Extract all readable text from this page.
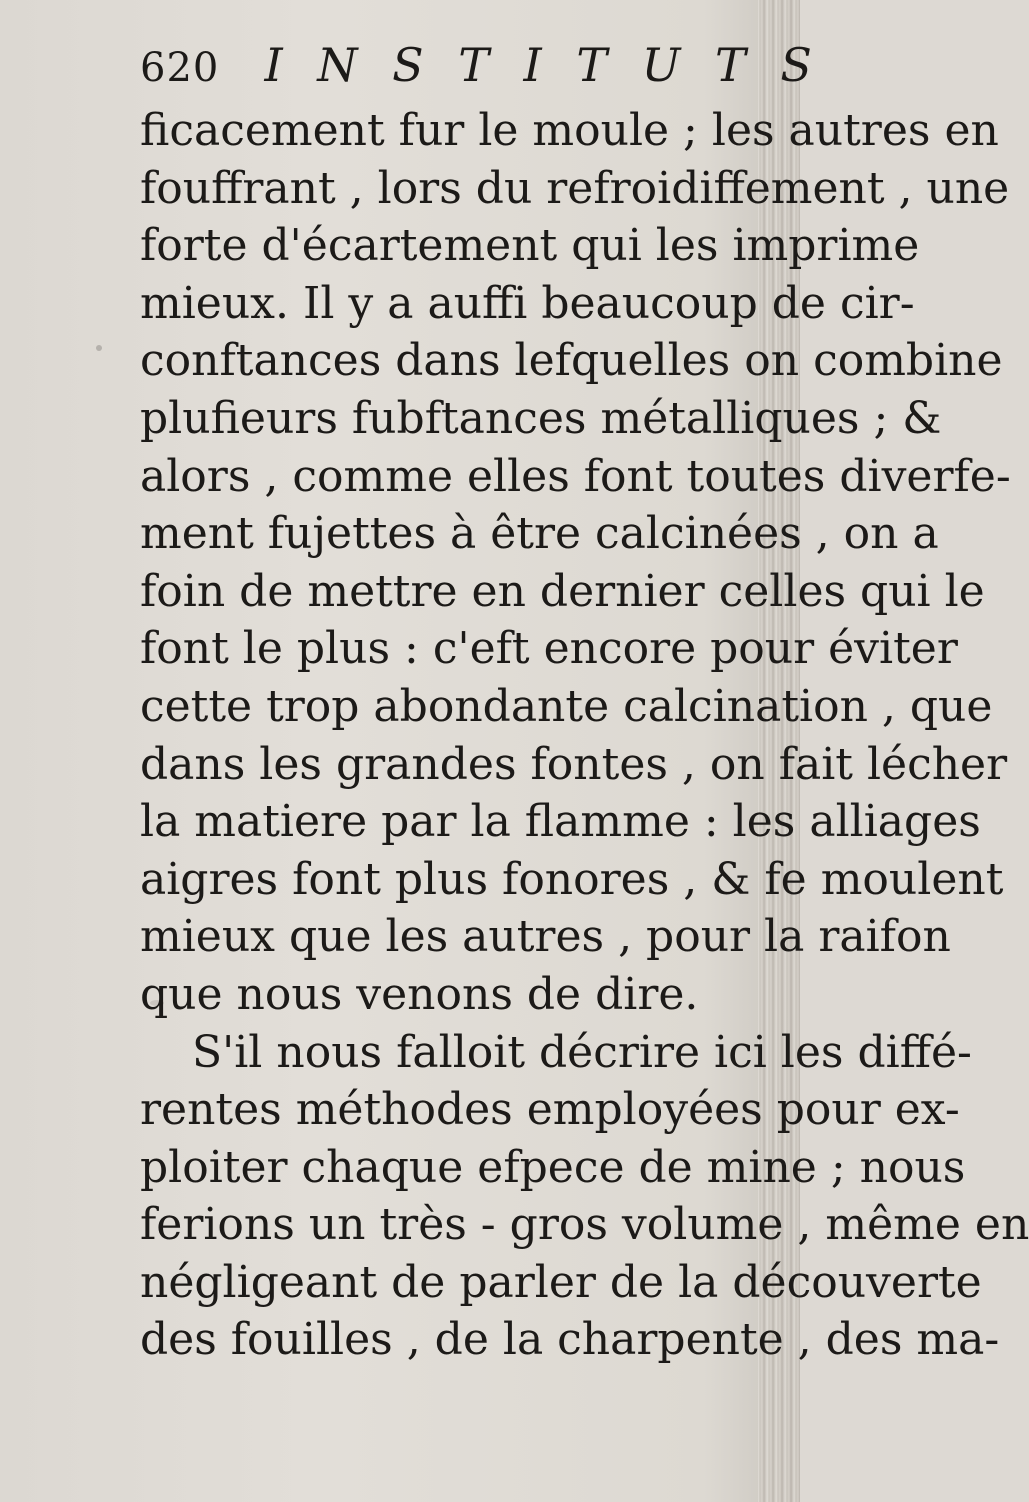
620 I N S T I T U T S
ficacement fur le moule ; les autres en
fouffrant , lors du refroidiffement , une
forte d'écartement qui les imprime
mieux. Il y a auffi beaucoup de cir-
conftances dans lefquelles on combine
plufieurs fubftances métalliques ; &
alors , comme elles font toutes diverfe-
ment fujettes à être calcinées , on a
foin de mettre en dernier celles qui le
font le plus : c'eft encore pour éviter
cette trop abondante calcination , que
dans les grandes fontes , on fait lécher
la matiere par la flamme : les alliages
aigres font plus fonores , & fe moulent
mieux que les autres , pour la raifon
que nous venons de dire.
S'il nous falloit décrire ici les diffé-
rentes méthodes employées pour ex-
ploiter chaque efpece de mine ; nous
ferions un très - gros volume , même en
négligeant de parler de la découverte
des fouilles , de la charpente , des ma-
